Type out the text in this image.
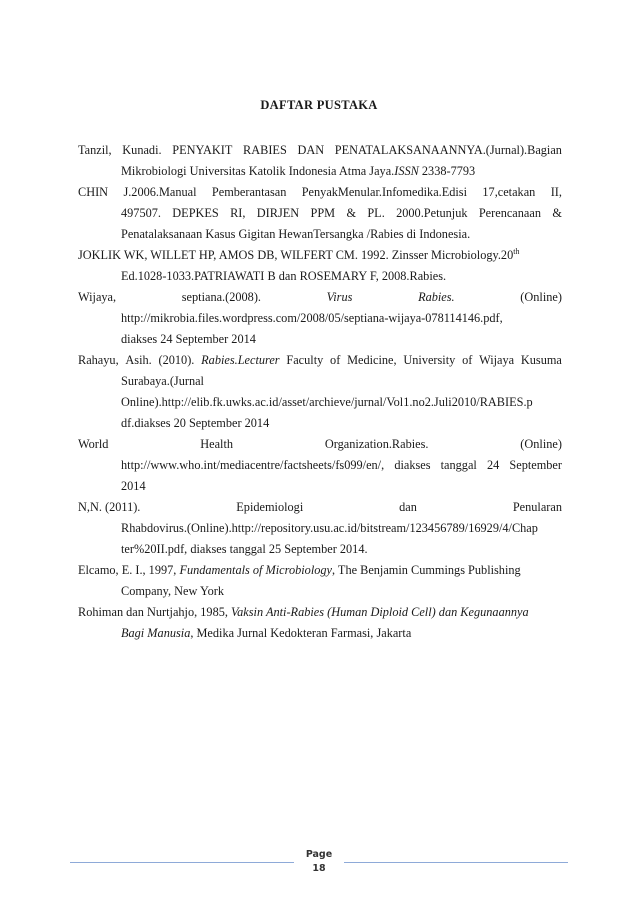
DAFTAR PUSTAKA
Tanzil, Kunadi. PENYAKIT RABIES DAN PENATALAKSANAANNYA.(Jurnal).Bagian
Mikrobiologi Universitas Katolik Indonesia Atma Jaya.ISSN 2338-7793
CHIN J.2006.Manual Pemberantasan PenyakMenular.Infomedika.Edisi 17,cetakan II,
497507. DEPKES RI, DIRJEN PPM & PL. 2000.Petunjuk Perencanaan &
Penatalaksanaan Kasus Gigitan HewanTersangka /Rabies di Indonesia.
JOKLIK WK, WILLET HP, AMOS DB, WILFERT CM. 1992. Zinsser Microbiology.20th
Ed.1028-1033.PATRIAWATI B dan ROSEMARY F, 2008.Rabies.
Wijaya,	septiana.(2008).	Virus	Rabies.	(Online)
http://mikrobia.files.wordpress.com/2008/05/septiana-wijaya-078114146.pdf,
diakses 24 September 2014
Rahayu, Asih. (2010). Rabies.Lecturer Faculty of Medicine, University of Wijaya Kusuma
Surabaya.(Jurnal
Online).http://elib.fk.uwks.ac.id/asset/archieve/jurnal/Vol1.no2.Juli2010/RABIES.p
df.diakses 20 September 2014
World	Health	Organization.Rabies.	(Online)
http://www.who.int/mediacentre/factsheets/fs099/en/, diakses tanggal 24 September
2014
N,N. (2011).	Epidemiologi	dan	Penularan
Rhabdovirus.(Online).http://repository.usu.ac.id/bitstream/123456789/16929/4/Chap
ter%20II.pdf, diakses tanggal 25 September 2014.
Elcamo, E. I., 1997, Fundamentals of Microbiology, The Benjamin Cummings Publishing
Company, New York
Rohiman dan Nurtjahjo, 1985, Vaksin Anti-Rabies (Human Diploid Cell) dan Kegunaannya
Bagi Manusia, Medika Jurnal Kedokteran Farmasi, Jakarta
Page
18
